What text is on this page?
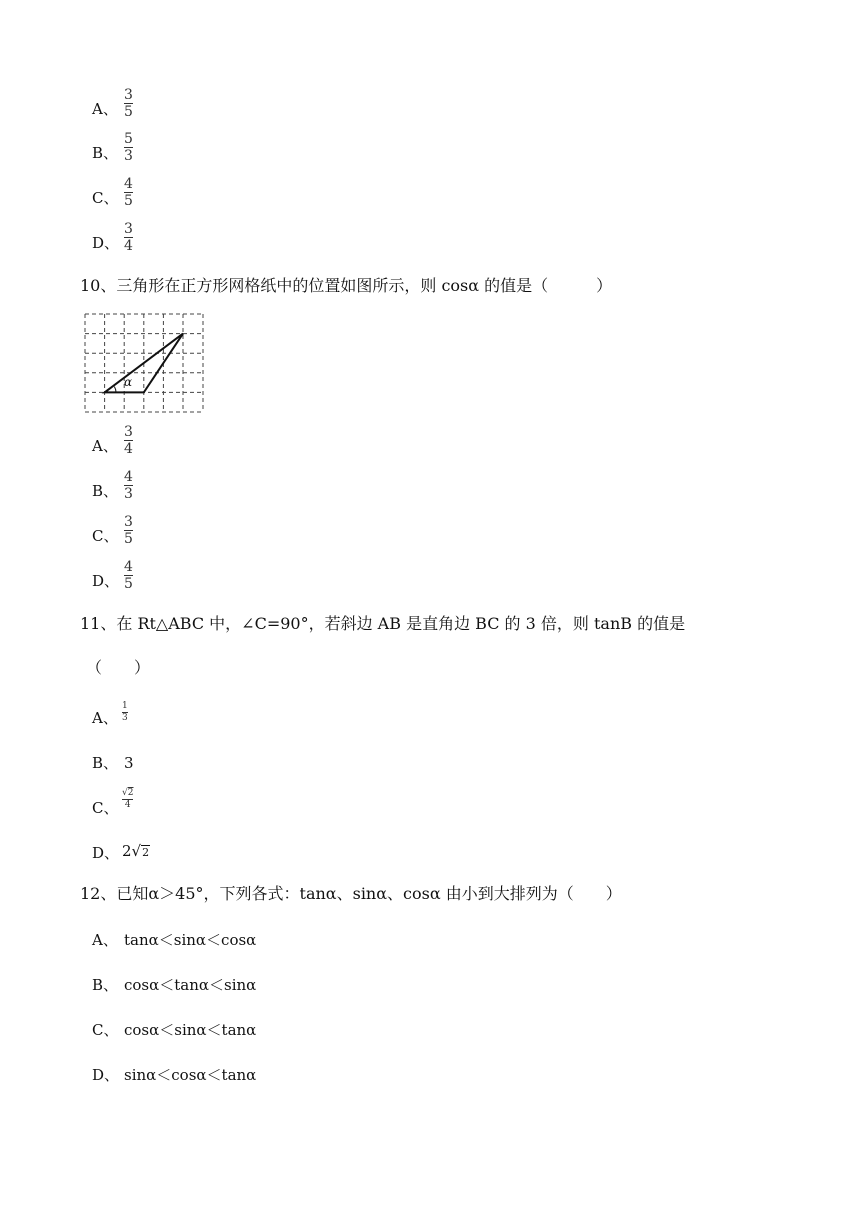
A、
3
5
B、
5
3
C、
4
5
D、
3
4
10、三角形在正方形网格纸中的位置如图所示，则 cosα 的值是（　　　）
α
A、
3
4
B、
4
3
C、
3
5
D、
4
5
11、在 Rt△ABC 中，∠C=90°，若斜边 AB 是直角边 BC 的 3 倍，则 tanB 的值是
（　　）
A、
1
3
B、 3
C、
√2
4
D、 2√2
12、已知α＞45°，下列各式：tanα、sinα、cosα 由小到大排列为（　　）
A、 tanα＜sinα＜cosα
B、 cosα＜tanα＜sinα
C、 cosα＜sinα＜tanα
D、 sinα＜cosα＜tanα
